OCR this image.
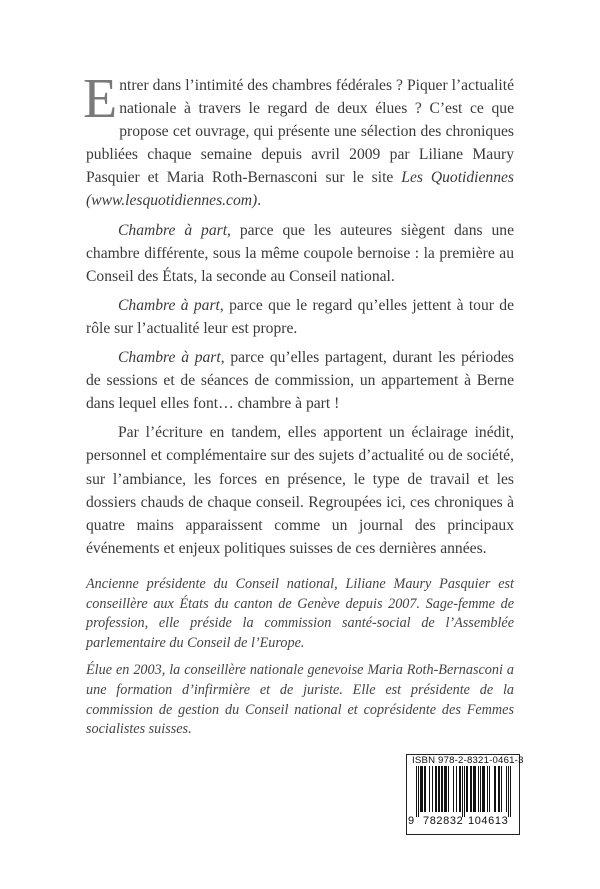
Entrer dans l’intimité des chambres fédérales ? Piquer l’actualité nationale à travers le regard de deux élues ? C’est ce que propose cet ouvrage, qui présente une sélection des chroniques publiées chaque semaine depuis avril 2009 par Liliane Maury Pasquier et Maria Roth-Bernasconi sur le site Les Quotidiennes (www.lesquotidiennes.com).

Chambre à part, parce que les auteures siègent dans une chambre différente, sous la même coupole bernoise : la première au Conseil des États, la seconde au Conseil national.

Chambre à part, parce que le regard qu’elles jettent à tour de rôle sur l’actualité leur est propre.

Chambre à part, parce qu’elles partagent, durant les périodes de sessions et de séances de commission, un appartement à Berne dans lequel elles font… chambre à part !

Par l’écriture en tandem, elles apportent un éclairage inédit, personnel et complémentaire sur des sujets d’actualité ou de société, sur l’ambiance, les forces en présence, le type de travail et les dossiers chauds de chaque conseil. Regroupées ici, ces chroniques à quatre mains apparaissent comme un journal des principaux événements et enjeux politiques suisses de ces dernières années.

Ancienne présidente du Conseil national, Liliane Maury Pasquier est conseillère aux États du canton de Genève depuis 2007. Sage-femme de profession, elle préside la commission santé-social de l’Assemblée parlementaire du Conseil de l’Europe.

Élue en 2003, la conseillère nationale genevoise Maria Roth-Bernasconi a une formation d’infirmière et de juriste. Elle est présidente de la commission de gestion du Conseil national et coprésidente des Femmes socialistes suisses.

ISBN 978-2-8321-0461-3
9 782832 104613
